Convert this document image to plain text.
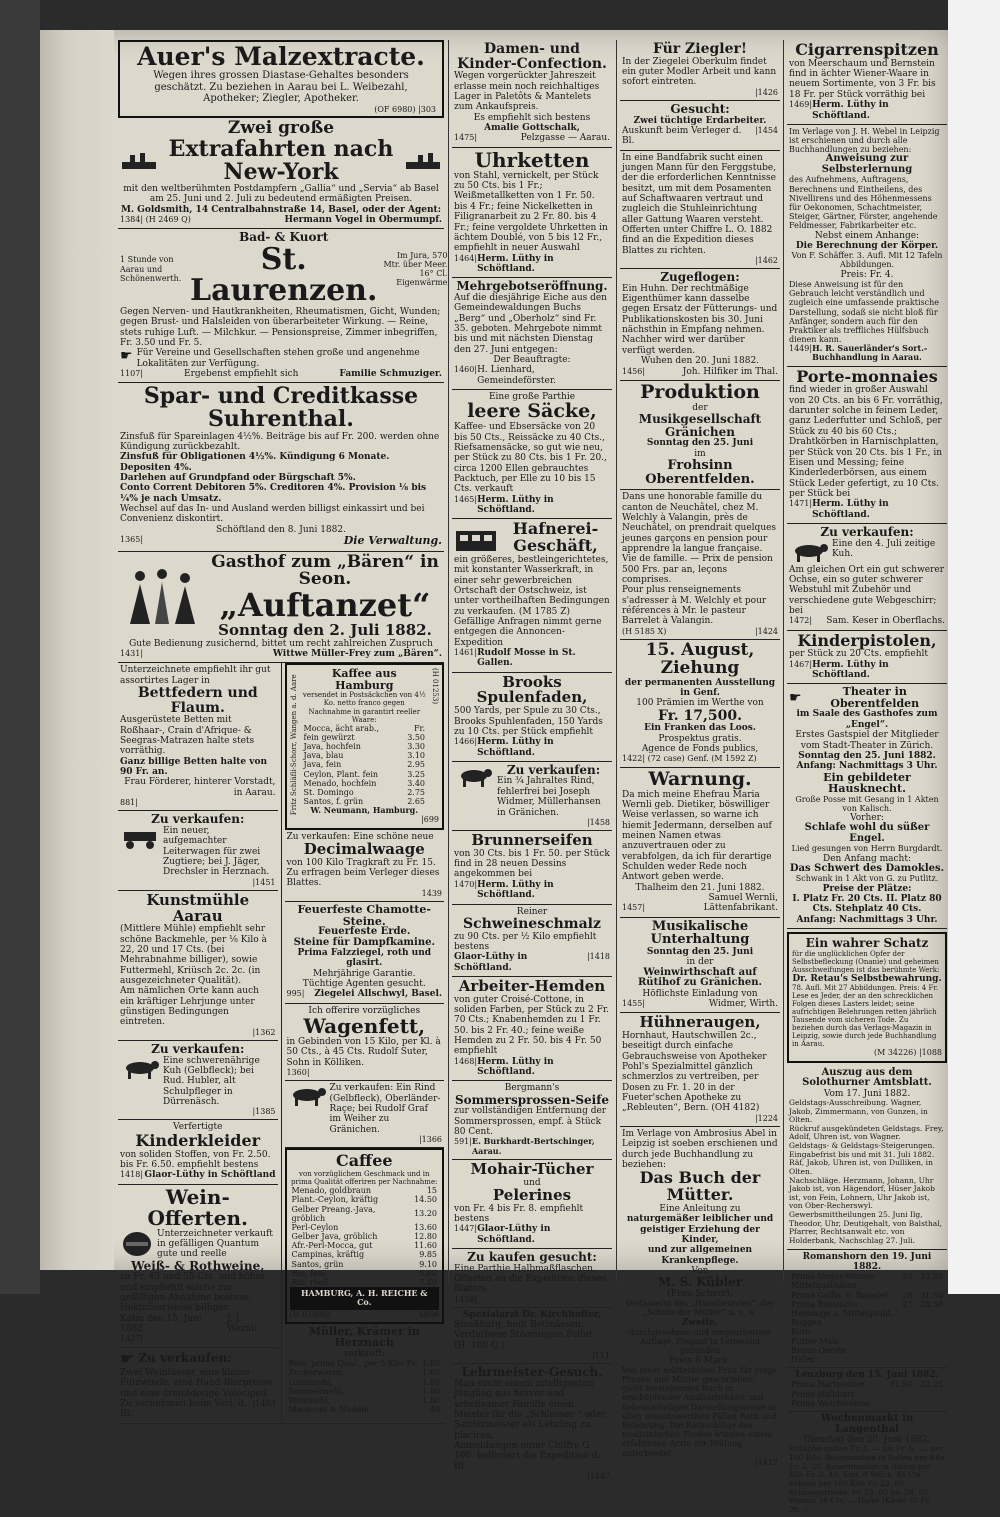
Auer's Malzextracte.
Wegen ihres grossen Diastase-Gehaltes besonders geschätzt. Zu beziehen in Aarau bei L. Weibezahl, Apotheker; Ziegler, Apotheker.
(OF 6980) |303
Zwei große
Extrafahrten nach New-York
mit den weltberühmten Postdampfern „Gallia“ und „Servia“ ab Basel am 25. Juni und 2. Juli zu bedeutend ermäßigten Preisen.
M. Goldsmith, 14 Centralbahnstraße 14, Basel, oder der Agent:
1384| (H 2469 Q)	Hermann Vogel in Obermumpf.
1 Stunde von Aarau und Schönenwerth.
Bad- & Kuort
St. Laurenzen.
Im Jura, 570 Mtr. über Meer. 16° Cl. Eigenwärme
Gegen Nerven- und Hautkrankheiten, Rheumatismen, Gicht, Wunden; gegen Brust- und Halsleiden von überarbeiteter Wirkung. — Reine, stets ruhige Luft. — Milchkur. — Pensionspreise, Zimmer inbegriffen, Fr. 3.50 und Fr. 5.
☛ Für Vereine und Gesellschaften stehen große und angenehme Lokalitäten zur Verfügung.
1107|	Ergebenst empfiehlt sich	Familie Schmuziger.
Spar- und Creditkasse Suhrenthal.
Zinsfuß für Spareinlagen 4½%. Beiträge bis auf Fr. 200. werden ohne Kündigung zurückbezahlt.
Zinsfuß für Obligationen 4½%. Kündigung 6 Monate.
Depositen 4%.
Darlehen auf Grundpfand oder Bürgschaft 5%.
Conto Corrent Debitoren 5%. Creditoren 4%. Provision ⅛ bis ¼% je nach Umsatz.
Wechsel auf das In- und Ausland werden billigst einkassirt und bei Convenienz diskontirt.
Schöftland den 8. Juni 1882.
1365|	Die Verwaltung.
Gasthof zum „Bären“ in Seon.
„Auftanzet“
Sonntag den 2. Juli 1882.
Gute Bedienung zusichernd, bittet um recht zahlreichen Zuspruch
1431|	Wittwe Müller-Frey zum „Bären“.
Unterzeichnete empfiehlt ihr gut assortirtes Lager in
Bettfedern und Flaum.
Ausgerüstete Betten mit Roßhaar-, Crain d'Afrique- & Seegras-Matrazen halte stets vorräthig.
Ganz billige Betten halte von 90 Fr. an.
Frau Förderer, hinterer Vorstadt, in Aarau.
881|
Zu verkaufen:
Ein neuer, aufgemachter Leiterwagen für zwei Zugtiere; bei J. Jäger, Drechsler in Herznach.
|1451
Kunstmühle Aarau
(Mittlere Mühle) empfiehlt sehr schöne Backmehle, per ⅛ Kilo à 22, 20 und 17 Cts. (bei Mehrabnahme billiger), sowie Futtermehl, Kriüsch 2c. 2c. (in ausgezeichneter Qualität).
Am nämlichen Orte kann auch ein kräftiger Lehrjunge unter günstigen Bedingungen eintreten.
|1362
Zu verkaufen:
Eine schwerenährige Kuh (Gelbfleck); bei Rud. Hubler, alt Schulpfleger in Dürrenäsch.
|1385
Verfertigte
Kinderkleider
von soliden Stoffen, von Fr. 2.50. bis Fr. 6.50. empfiehlt bestens
1418| Glaor-Lüthy in Schöftland
Wein-Offerten.
Unterzeichneter verkauft in gefälligen Quantum gute und reelle
Weiß- & Rothweine,
zu Fr. 45 und 55 Cts. und höher und empfiehlt solche zur gefälligen Abnahme bestens.
Hektoliterweise billiger.
Kulm den 15. Juni 1882.
J. J. Wernli.
1427|
☛ Zu verkaufen:
Zwei Weinfässer, eine kleine Futzwinde, eine Hand-Bierpresse und eine dreiräderige Velociped.
Zu vernehmen beim Verl. d. Bl.
|1453
Fritz Schläfli-Schorr, Wangen a. d. Aare
Kaffee aus Hamburg
versendet in Postsäckchen von 4½ Ko. netto franco gegen Nachnahme in garantirt reeller Waare:
Mocca, ächt arab., fein gewürzt	Fr. 3.50
Java, hochfein	3.30
Java, blau	3.10
Java, fein	2.95
Ceylon, Plant. fein	3.25
Menado, hochfein	3.40
St. Domingo	2.75
Santos, f. grün	2.65
W. Neumann, Hamburg.
(H 01253)
|699
Zu verkaufen: Eine schöne neue
Decimalwaage
von 100 Kilo Tragkraft zu Fr. 15. Zu erfragen beim Verleger dieses Blattes.
1439
Feuerfeste Chamotte-Steine.
Feuerfeste Erde.
Steine für Dampfkamine.
Prima Falzziegel, roth und glasirt.
Mehrjährige Garantie.
Tüchtige Agenten gesucht.
995| Ziegelei Allschwyl, Basel.
Ich offerire vorzügliches
Wagenfett,
in Gebinden von 15 Kilo, per Kl. à 50 Cts., à 45 Cts. Rudolf Suter, Sohn in Kölliken.
1360|
Zu verkaufen: Ein Rind (Gelbfleck), Oberländer-Raçe; bei Rudolf Graf im Weiher zu Gränichen.
|1366
Caffee
von vorzüglichem Geschmack und in prima Qualität offeriren per Nachnahme:
Menado, goldbraun	15
Plant.-Ceylon, kräftig	14.50
Gelber Preang.-Java, gröblich	13.20
Perl-Ceylon	13.60
Gelber Java, gröblich	12.80
Afr.-Perl-Mocca, gut	11.60
Campinas, kräftig	9.85
Santos, grün	9.10
Rio, fein	8.60
Rio, reell	7.40
HAMBURG, A. H. REICHE & Co.
(H 01895)	4056
Müller, Krämer in Herznach
verkauft:
Reis, prima Qual., per 5 Kilo Fr.	1.80
Zuckerwaren	1.60
Griesmehl,	1.80
Semmelmehl,	1.80
Weizmehl,	1.80
Macaroni & Nudeln	40
Damen- und Kinder-Confection.
Wegen vorgerückter Jahreszeit erlasse mein noch reichhaltiges Lager in Paletôts & Mantelets zum Ankaufspreis.
Es empfiehlt sich bestens
Amalie Gottschalk,
1475|	Pelzgasse — Aarau.
Uhrketten
von Stahl, vernickelt, per Stück zu 50 Cts. bis 1 Fr.; Weißmetallketten von 1 Fr. 50. bis 4 Fr.; feine Nickelketten in Filigranarbeit zu 2 Fr. 80. bis 4 Fr.; feine vergoldete Uhrketten in ächtem Doublé, von 5 bis 12 Fr., empfiehlt in neuer Auswahl
1464| Herm. Lüthy in Schöftland.
Mehrgebotseröffnung.
Auf die diesjährige Eiche aus den Gemeindewaldungen Buchs „Berg“ und „Oberholz“ sind Fr. 35. geboten. Mehrgebote nimmt bis und mit nächsten Dienstag den 27. Juni entgegen:
Der Beauftragte:
1460| H. Lienhard, Gemeindeförster.
Eine große Parthie
leere Säcke,
Kaffee- und Ebsersäcke von 20 bis 50 Cts., Reissäcke zu 40 Cts., Riefsamensäcke, so gut wie neu, per Stück zu 80 Cts. bis 1 Fr. 20., circa 1200 Ellen gebrauchtes Packtuch, per Elle zu 10 bis 15 Cts. verkauft
1465| Herm. Lüthy in Schöftland.
Hafnerei-Geschäft,
ein größeres, bestleingerichtetes, mit konstanter Wasserkraft, in einer sehr gewerbreichen Ortschaft der Ostschweiz, ist unter vortheilhaften Bedingungen zu verkaufen. (M 1785 Z)
Gefällige Anfragen nimmt gerne entgegen die Annoncen-Expedition
1461| Rudolf Mosse in St. Gallen.
Brooks Spulenfaden,
500 Yards, per Spule zu 30 Cts., Brooks Spuhlenfaden, 150 Yards zu 10 Cts. per Stück empfiehlt
1466| Herm. Lüthy in Schöftland.
Zu verkaufen:
Ein ¾ Jahraltes Rind, fehlerfrei bei Joseph Widmer, Müllerhansen in Gränichen.
|1458
Brunnerseifen
von 30 Cts. bis 1 Fr. 50. per Stück find in 28 neuen Dessins angekommen bei
1470| Herm. Lüthy in Schöftland.
Reiner
Schweineschmalz
zu 90 Cts. per ½ Kilo empfiehlt bestens
Glaor-Lüthy in Schöftland.
|1418
Arbeiter-Hemden
von guter Croisé-Cottone, in soliden Farben, per Stück zu 2 Fr. 70 Cts.; Knabenhemden zu 1 Fr. 50. bis 2 Fr. 40.; feine weiße Hemden zu 2 Fr. 50. bis 4 Fr. 50 empfiehlt
1468| Herm. Lüthy in Schöftland.
Bergmann's
Sommersprossen-Seife
zur vollständigen Entfernung der Sommersprossen, empf. à Stück 80 Cent.
591| E. Burkhardt-Bertschinger, Aarau.
Mohair-Tücher
und
Pelerines
von Fr. 4 bis Fr. 8. empfiehlt bestens
1447| Glaor-Lüthy in Schöftland.
Zu kaufen gesucht:
Eine Parthie Halbmaßflaschen. Offerten an die Expedition dieses Blattes.
1458|
Spezialarzt Dr. Kirchhoffer,
Straßburg, heilt Bettnässen, Verdorbene Stöorungen Pollut. (H. 180 Q.)
|111
Lehrmeister-Gesuch.
Man sucht einem intelligenten Jüngling aus braver und arbeitsamer Familie einen Meister für die „Schlosser-“ oder Sattlermeister als Lehrling zu placiren.
Anmeldungen unter Chiffre G 100. befördert die Expedition d. Bl.
|1447
Für Ziegler!
In der Ziegelei Oberkulm findet ein guter Modler Arbeit und kann sofort eintreten.
|1426
Gesucht:
Zwei tüchtige Erdarbeiter.
Auskunft beim Verleger d. Bl.
|1454
In eine Bandfabrik sucht einen jungen Mann für den Ferggstube, der die erforderlichen Kenntnisse besitzt, um mit dem Posamenten auf Schaftwaaren vertraut und zugleich die Stuhleinrichtung aller Gattung Waaren versteht.
Offerten unter Chiffre L. O. 1882 find an die Expedition dieses Blattes zu richten.
|1462
Zugeflogen:
Ein Huhn. Der rechtmäßige Eigenthümer kann dasselbe gegen Ersatz der Fütterungs- und Publikationskosten bis 30. Juni nächsthin in Empfang nehmen. Nachher wird wer darüber verfügt werden.
Wuhen den 20. Juni 1882.
1456|	Joh. Hilfiker im Thal.
Produktion
der
Musikgesellschaft Gränichen
Sonntag den 25. Juni
im
Frohsinn Oberentfelden.
Dans une honorable famille du canton de Neuchâtel, chez M. Welchly à Valangin, près de Neuchâtel, on prendrait quelques jeunes garçons en pension pour apprendre la langue française. Vie de famille. — Prix de pension 500 Frs. par an, leçons comprises.
Pour plus renseignements s'adresser à M. Welchly et pour références à Mr. le pasteur Barrelet à Valangin.
(H 5185 X)	|1424
15. August, Ziehung
der permanenten Ausstellung in Genf.
100 Prämien im Werthe von
Fr. 17,500.
Ein Franken das Loos.
Prospektus gratis.
Agence de Fonds publics,
1422| (72 case) Genf. (M 1592 Z)
Warnung.
Da mich meine Ehefrau Maria Wernli geb. Dietiker, böswilliger Weise verlassen, so warne ich hiemit Jedermann, derselben auf meinen Namen etwas anzuvertrauen oder zu verabfolgen, da ich für derartige Schulden weder Rede noch Antwort geben werde.
Thalheim den 21. Juni 1882.
Samuel Wernli,
1457|	Lättenfabrikant.
Musikalische Unterhaltung
Sonntag den 25. Juni
in der
Weinwirthschaft auf Rütihof zu Gränichen.
Höflichste Einladung von
1455|	Widmer, Wirth.
Hühneraugen,
Hornhaut, Hautschwillen 2c., beseitigt durch einfache Gebrauchsweise von Apotheker Pohl's Spezialmittel gänzlich schmerzlos zu vertreiben, per Dosen zu Fr. 1. 20 in der Fueter'schen Apotheke zu „Rebleuten“, Bern. (OH 4182)
|1224
Im Verlage von Ambrosius Abel in Leipzig ist soeben erschienen und durch jede Buchhandlung zu beziehen:
Das Buch der Mütter.
Eine Anleitung zu
naturgemäßer leiblicher und geistiger Erziehung der Kinder,
und zur allgemeinen Krankenpflege.
Von
M. S. Kübler
(Frau Scherr),
Verfasserin des „Hausfreundes“, der „Schule der Mütter“ u. s. w.
Zweite,
durchgesehene und umgearbeitete Auflage. Elegant in Leinwand gebunden
Preis 6 Mark.
Von einer mütterlichen Frau für junge Frauen und Mütter geschrieben, giebt vorstehendes Buch in erschöpfender Ausführlichkeit und liebenswürdiger Darstellungsweise in allen wissenswerthen Fällen Rath und Belehrung. Die Rathschläge des medizinischen Theiles wurden einem erfahrenen Arzte zur Prüfung unterbreitet.
|1412
Cigarrenspitzen
von Meerschaum und Bernstein find in ächter Wiener-Waare in neuem Sortimente, von 3 Fr. bis 18 Fr. per Stück vorräthig bei
1469| Herm. Lüthy in Schöftland.
Im Verlage von J. H. Webel in Leipzig ist erschienen und durch alle Buchhandlungen zu beziehen:
Anweisung zur Selbsterlernung
des Aufnehmens, Auftragens, Berechnens und Eintheilens, des Nivellirens und des Höhenmessens für Oekonomen, Schachtmeister, Steiger, Gärtner, Förster, angehende Feldmesser, Fabrikarbeiter etc.
Nebst einem Anhange:
Die Berechnung der Körper.
Von F. Schäffer. 3. Aufl. Mit 12 Tafeln Abbildungen.
Preis: Fr. 4.
Diese Anweisung ist für den Gebrauch leicht verständlich und zugleich eine umfassende praktische Darstellung, sodaß sie nicht bloß für Anfänger, sondern auch für den Praktiker als treffliches Hülfsbuch dienen kann.
1449| H. R. Sauerländer's Sort.-Buchhandlung in Aarau.
Porte-monnaies
find wieder in großer Auswahl von 20 Cts. an bis 6 Fr. vorräthig, darunter solche in feinem Leder, ganz Lederfutter und Schloß, per Stück zu 40 bis 60 Cts.; Drahtkörben in Harnischplatten, per Stück von 20 Cts. bis 1 Fr., in Eisen und Messing; feine Kinderlederbörsen, aus einem Stück Leder gefertigt, zu 10 Cts. per Stück bei
1471| Herm. Lüthy in Schöftland.
Zu verkaufen:
Eine den 4. Juli zeitige Kuh.
Am gleichen Ort ein gut schwerer Ochse, ein so guter schwerer Webstuhl mit Zubehör und verschiedene gute Webgeschirr; bei
1472| Sam. Keser in Oberflachs.
Kinderpistolen,
per Stück zu 20 Cts. empfiehlt
1467| Herm. Lüthy in Schöftland.
☛	Theater in Oberentfelden
im Saale des Gasthofes zum „Engel“.
Erstes Gastspiel der Mitglieder vom Stadt-Theater in Zürich.
Sonntag den 25. Juni 1882.
Anfang: Nachmittags 3 Uhr.
Ein gebildeter Hausknecht.
Große Posse mit Gesang in 1 Akten von Kalisch.
Vorher:
Schlafe wohl du süßer Engel.
Lied gesungen von Herrn Burgdardt.
Den Anfang macht:
Das Schwert des Damokles.
Schwank in 1 Akt von G. zu Putlitz.
Preise der Plätze:
I. Platz Fr. 20 Cts. II. Platz 80 Cts. Stehplatz 40 Cts.
Anfang: Nachmittags 3 Uhr.
Ein wahrer Schatz
für die unglücklichen Opfer der Selbstbefleckung (Onanie) und geheimen Ausschweifungen ist das berühmte Werk:
Dr. Retau's Selbstbewahrung.
78. Aufl. Mit 27 Abbildungen. Preis: 4 Fr. Lese es Jeder, der an den schrecklichen Folgen dieses Lasters leidet; seine aufrichtigen Belehrungen retten jährlich Tausende vom sicheren Tode. Zu beziehen durch das Verlags-Magazin in Leipzig, sowie durch jede Buchhandlung in Aarau.
(M 34226) |1088
Auszug aus dem Solothurner Amtsblatt.
Vom 17. Juni 1882.
Geldstags-Ausschreibung. Wagner, Jakob, Zimmermann, von Gunzen, in Olten.
Rückruf ausgekündeten Geldstags. Frey, Adolf, Uhren ist, von Wagner.
Geldstags- & Geldstags-Steigerungen. Eingabefrist bis und mit 31. Juli 1882. Räf, Jakob, Uhren ist, von Dulliken, in Olten.
Nachschläge. Herzmann, Johann, Uhr Jakob ist, von Hägendorf, Hüser Jakob ist, von Fein, Lohnern, Uhr Jakob ist, von Ober-Recherswyl.
Gewerbsmittheilungen 25. Juni Ilg, Theodor, Uhr, Deutigehalt, von Balsthal, Pfarrer, Rechtsanwalt etc. von Holderbank, Nachschlag 27. Juli.
Romanshorn den 19. Juni 1882.
Prima Ungar-Weizen	32.	33.50
Mittelqualitäten		
Prima Gallis. u. Banater	28.	31.50
Prima Russische	27.	28.50
Hemmige u. Mittelqualit.		
Roggen		
Korn		
Futter Mais		
Braun-Gerste		
Hafer		
Lenzburg den 15. Juni 1882.
Prima Hartweizen	31.50	32.25
Prima Halbhart		
Prima Weichweizen		
Wochenmarkt in Langenthal
Dienstag den 20. Juni 1882.
Erdäpfel galten Fr. 5. — bis Fr. 6. —, per 100 Kilo. Bauernanken in Ballen per Kilo Fr. 2. 20, Bauerntanken in Ballen per Kilo Fr. 2. 40. Eier, 8 Stück, 45 Cts. Erbsen per 100 Kilo Fr. 22. 80. Schlaggetreide: Fr. 25. 00 bis 28. 50. Weizen 38 Cts. — Hafer (Käse) 30 Fr. 20. —
